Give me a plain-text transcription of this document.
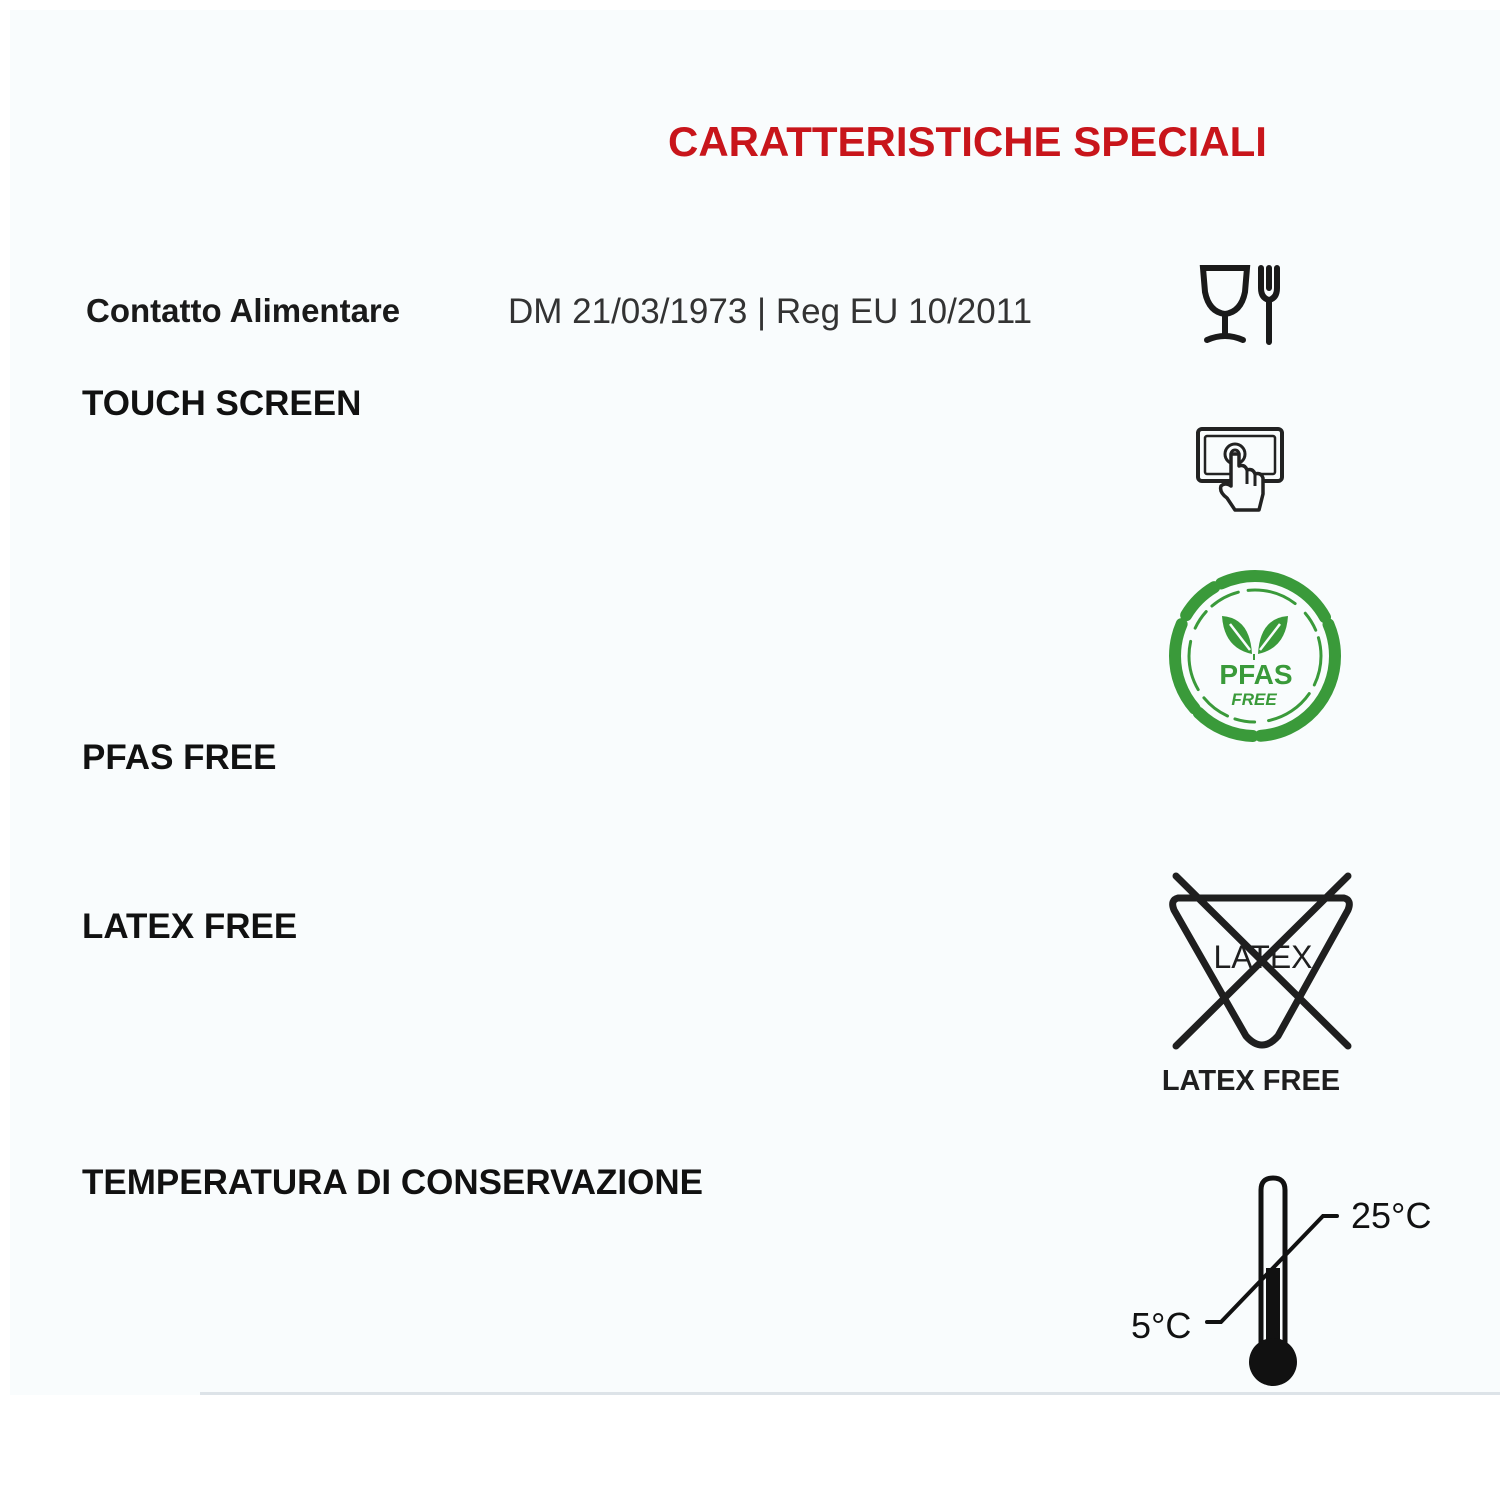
CARATTERISTICHE SPECIALI
Contatto Alimentare	DM 21/03/1973 | Reg EU 10/2011
TOUCH SCREEN
PFAS
FREE
PFAS FREE
LATEX FREE
LATEX
LATEX FREE
TEMPERATURA DI CONSERVAZIONE
25°C
5°C
